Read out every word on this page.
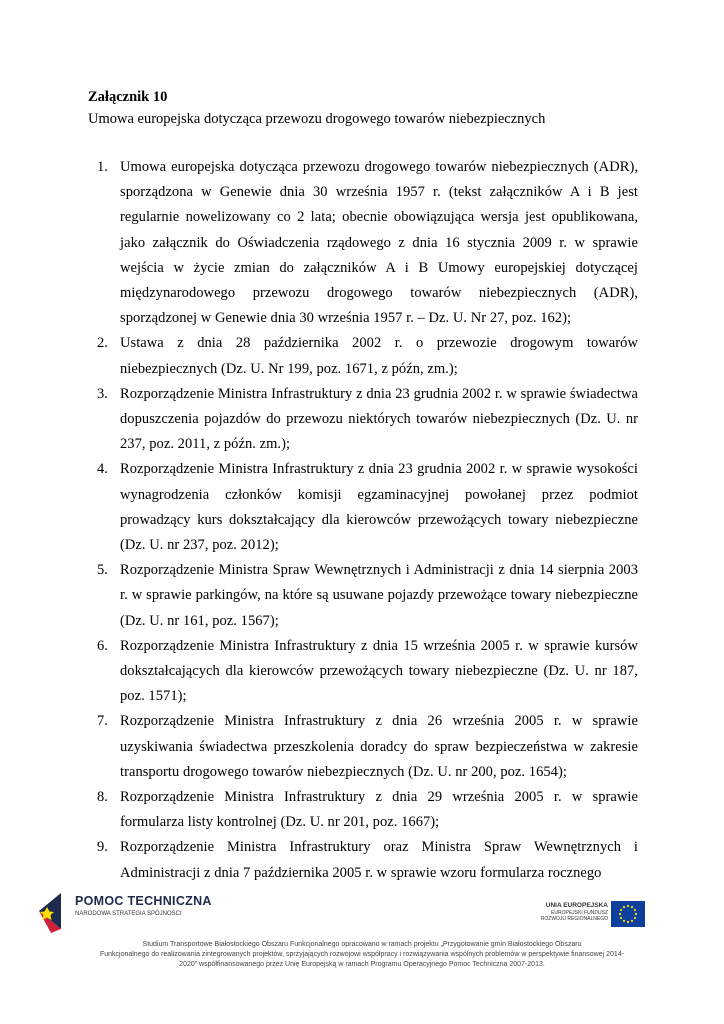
Załącznik 10

Umowa europejska dotycząca przewozu drogowego towarów niebezpiecznych

1. Umowa europejska dotycząca przewozu drogowego towarów niebezpiecznych (ADR), sporządzona w Genewie dnia 30 września 1957 r. (tekst załączników A i B jest regularnie nowelizowany co 2 lata; obecnie obowiązująca wersja jest opublikowana, jako załącznik do Oświadczenia rządowego z dnia 16 stycznia 2009 r. w sprawie wejścia w życie zmian do załączników A i B Umowy europejskiej dotyczącej międzynarodowego przewozu drogowego towarów niebezpiecznych (ADR), sporządzonej w Genewie dnia 30 września 1957 r. – Dz. U. Nr 27, poz. 162);
2. Ustawa z dnia 28 października 2002 r. o przewozie drogowym towarów niebezpiecznych (Dz. U. Nr 199, poz. 1671, z późn, zm.);
3. Rozporządzenie Ministra Infrastruktury z dnia 23 grudnia 2002 r. w sprawie świadectwa dopuszczenia pojazdów do przewozu niektórych towarów niebezpiecznych (Dz. U. nr 237, poz. 2011, z późn. zm.);
4. Rozporządzenie Ministra Infrastruktury z dnia 23 grudnia 2002 r. w sprawie wysokości wynagrodzenia członków komisji egzaminacyjnej powołanej przez podmiot prowadzący kurs dokształcający dla kierowców przewożących towary niebezpieczne (Dz. U. nr 237, poz. 2012);
5. Rozporządzenie Ministra Spraw Wewnętrznych i Administracji z dnia 14 sierpnia 2003 r. w sprawie parkingów, na które są usuwane pojazdy przewożące towary niebezpieczne (Dz. U. nr 161, poz. 1567);
6. Rozporządzenie Ministra Infrastruktury z dnia 15 września 2005 r. w sprawie kursów dokształcających dla kierowców przewożących towary niebezpieczne (Dz. U. nr 187, poz. 1571);
7. Rozporządzenie Ministra Infrastruktury z dnia 26 września 2005 r. w sprawie uzyskiwania świadectwa przeszkolenia doradcy do spraw bezpieczeństwa w zakresie transportu drogowego towarów niebezpiecznych (Dz. U. nr 200, poz. 1654);
8. Rozporządzenie Ministra Infrastruktury z dnia 29 września 2005 r. w sprawie formularza listy kontrolnej (Dz. U. nr 201, poz. 1667);
9. Rozporządzenie Ministra Infrastruktury oraz Ministra Spraw Wewnętrznych i Administracji z dnia 7 października 2005 r. w sprawie wzoru formularza rocznego
POMOC TECHNICZNA
NARODOWA STRATEGIA SPÓJNOŚCI
UNIA EUROPEJSKA
EUROPEJSKI FUNDUSZ
ROZWOJU REGIONALNEGO
Studium Transportowe Białostockiego Obszaru Funkcjonalnego opracowano w ramach projektu „Przygotowanie gmin Białostockiego Obszaru
Funkcjonalnego do realizowania zintegrowanych projektów, sprzyjających rozwojowi współpracy i rozwiązywania wspólnych problemów w perspektywie finansowej 2014-
2020” współfinansowanego przez Unię Europejską w ramach Programu Operacyjnego Pomoc Techniczna 2007-2013.
